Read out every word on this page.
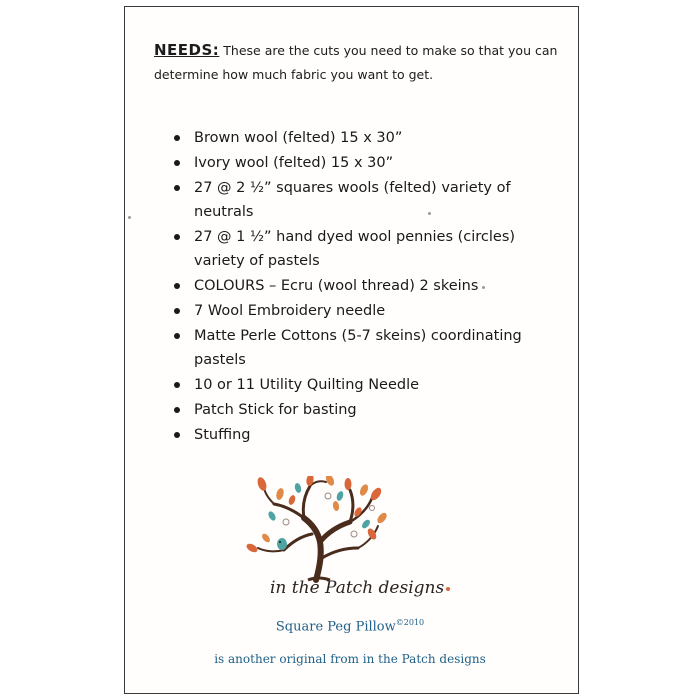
NEEDS: These are the cuts you need to make so that you can determine how much fabric you want to get.
Brown wool (felted) 15 x 30”
Ivory wool (felted) 15 x 30”
27 @ 2 ½” squares wools (felted) variety of neutrals
27 @ 1 ½” hand dyed wool pennies (circles) variety of pastels
COLOURS – Ecru (wool thread) 2 skeins
7 Wool Embroidery needle
Matte Perle Cottons (5-7 skeins) coordinating pastels
10 or 11 Utility Quilting Needle
Patch Stick for basting
Stuffing
in the Patch designs
Square Peg Pillow$^{©2010}$
is another original from in the Patch designs
